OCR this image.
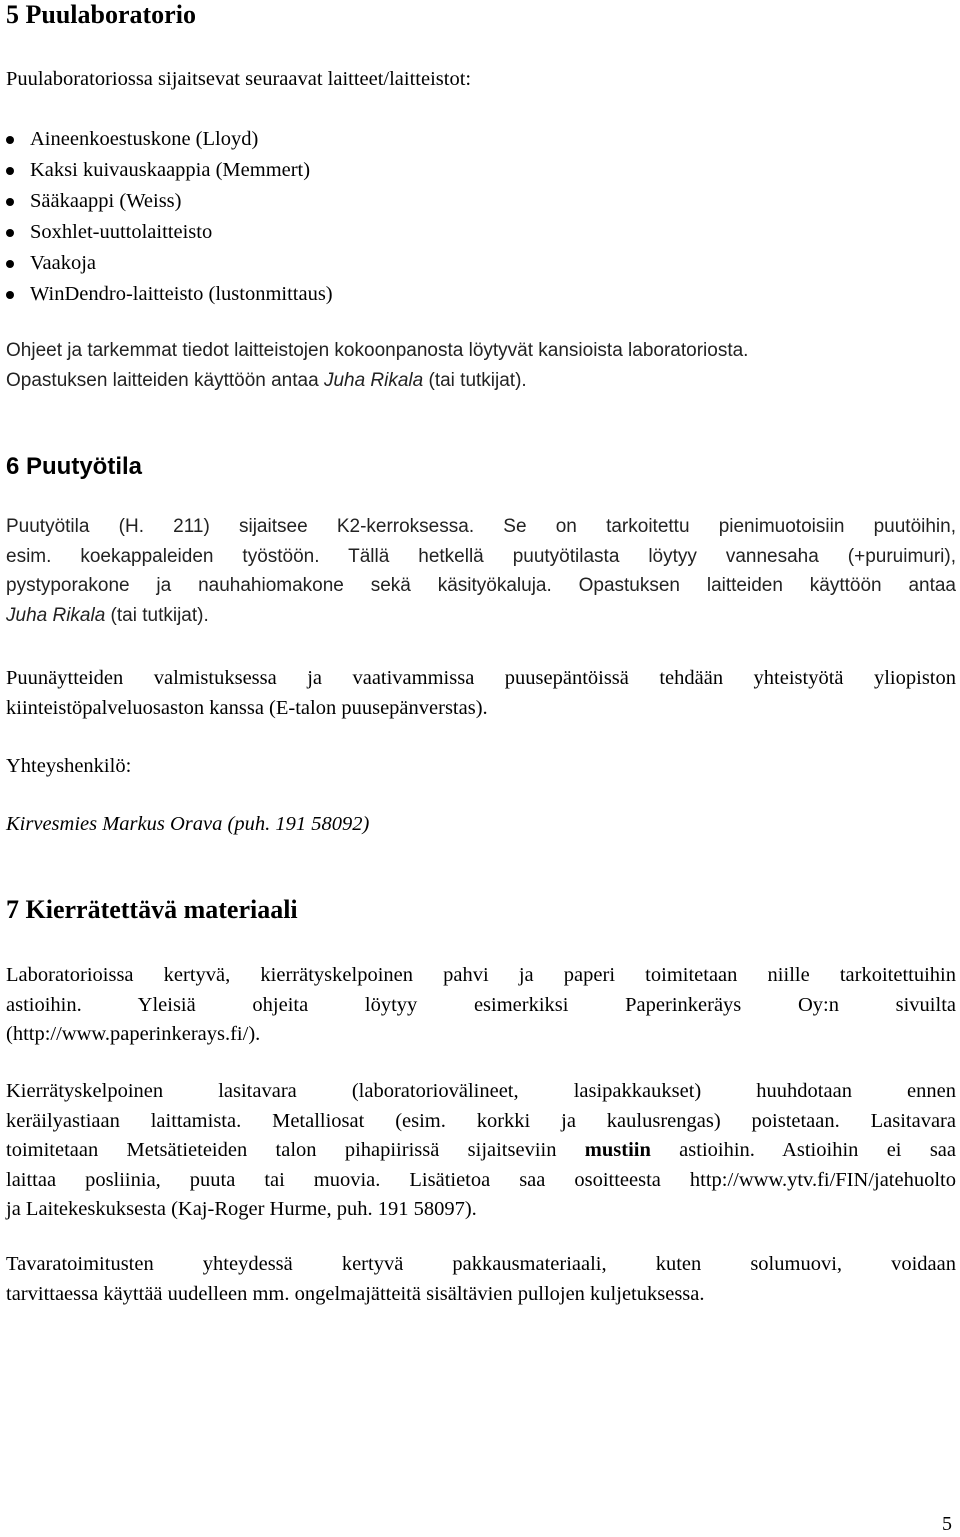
5 Puulaboratorio

Puulaboratoriossa sijaitsevat seuraavat laitteet/laitteistot:

Aineenkoestuskone (Lloyd)
Kaksi kuivauskaappia (Memmert)
Sääkaappi (Weiss)
Soxhlet-uuttolaitteisto
Vaakoja
WinDendro-laitteisto (lustonmittaus)

Ohjeet ja tarkemmat tiedot laitteistojen kokoonpanosta löytyvät kansioista laboratoriosta.
Opastuksen laitteiden käyttöön antaa Juha Rikala (tai tutkijat).

6 Puutyötila

Puutyötila (H. 211) sijaitsee K2-kerroksessa. Se on tarkoitettu pienimuotoisiin puutöihin,
esim. koekappaleiden työstöön. Tällä hetkellä puutyötilasta löytyy vannesaha (+puruimuri),
pystyporakone ja nauhahiomakone sekä käsityökaluja. Opastuksen laitteiden käyttöön antaa
Juha Rikala (tai tutkijat).

Puunäytteiden valmistuksessa ja vaativammissa puusepäntöissä tehdään yhteistyötä yliopiston
kiinteistöpalveluosaston kanssa (E-talon puusepänverstas).

Yhteyshenkilö:

Kirvesmies Markus Orava (puh. 191 58092)

7 Kierrätettävä materiaali

Laboratorioissa kertyvä, kierrätyskelpoinen pahvi ja paperi toimitetaan niille tarkoitettuihin
astioihin. Yleisiä ohjeita löytyy esimerkiksi Paperinkeräys Oy:n sivuilta
(http://www.paperinkerays.fi/).

Kierrätyskelpoinen lasitavara (laboratoriovälineet, lasipakkaukset) huuhdotaan ennen
keräilyastiaan laittamista. Metalliosat (esim. korkki ja kaulusrengas) poistetaan. Lasitavara
toimitetaan Metsätieteiden talon pihapiirissä sijaitseviin mustiin astioihin. Astioihin ei saa
laittaa posliinia, puuta tai muovia. Lisätietoa saa osoitteesta http://www.ytv.fi/FIN/jatehuolto
ja Laitekeskuksesta (Kaj-Roger Hurme, puh. 191 58097).

Tavaratoimitusten yhteydessä kertyvä pakkausmateriaali, kuten solumuovi, voidaan
tarvittaessa käyttää uudelleen mm. ongelmajätteitä sisältävien pullojen kuljetuksessa.

5
